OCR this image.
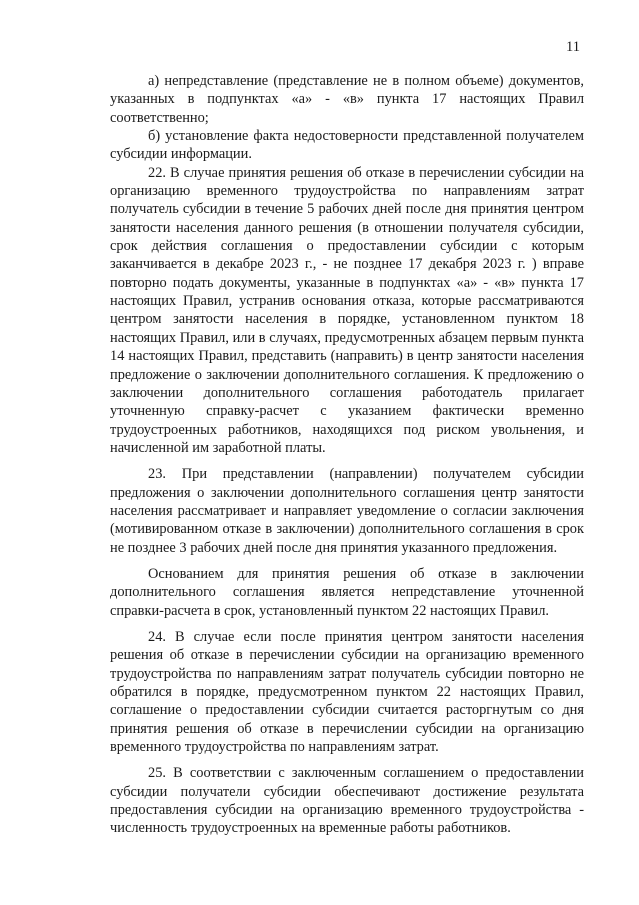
11

а) непредставление (представление не в полном объеме) документов, указанных в подпунктах «а» - «в» пункта 17 настоящих Правил соответственно;

б) установление факта недостоверности представленной получателем субсидии информации.

22. В случае принятия решения об отказе в перечислении субсидии на организацию временного трудоустройства по направлениям затрат получатель субсидии в течение 5 рабочих дней после дня принятия центром занятости населения данного решения (в отношении получателя субсидии, срок действия соглашения о предоставлении субсидии с которым заканчивается в декабре 2023 г., - не позднее 17 декабря 2023 г. ) вправе повторно подать документы, указанные в подпунктах «а» - «в» пункта 17 настоящих Правил, устранив основания отказа, которые рассматриваются центром занятости населения в порядке, установленном пунктом 18 настоящих Правил, или в случаях, предусмотренных абзацем первым пункта 14 настоящих Правил, представить (направить) в центр занятости населения предложение о заключении дополнительного соглашения. К предложению о заключении дополнительного соглашения работодатель прилагает уточненную справку-расчет с указанием фактически временно трудоустроенных работников, находящихся под риском увольнения, и начисленной им заработной платы.

23. При представлении (направлении) получателем субсидии предложения о заключении дополнительного соглашения центр занятости населения рассматривает и направляет уведомление о согласии заключения (мотивированном отказе в заключении) дополнительного соглашения в срок не позднее 3 рабочих дней после дня принятия указанного предложения.

Основанием для принятия решения об отказе в заключении дополнительного соглашения является непредставление уточненной справки-расчета в срок, установленный пунктом 22 настоящих Правил.

24. В случае если после принятия центром занятости населения решения об отказе в перечислении субсидии на организацию временного трудоустройства по направлениям затрат получатель субсидии повторно не обратился в порядке, предусмотренном пунктом 22 настоящих Правил, соглашение о предоставлении субсидии считается расторгнутым со дня принятия решения об отказе в перечислении субсидии на организацию временного трудоустройства по направлениям затрат.

25. В соответствии с заключенным соглашением о предоставлении субсидии получатели субсидии обеспечивают достижение результата предоставления субсидии на организацию временного трудоустройства - численность трудоустроенных на временные работы работников.
